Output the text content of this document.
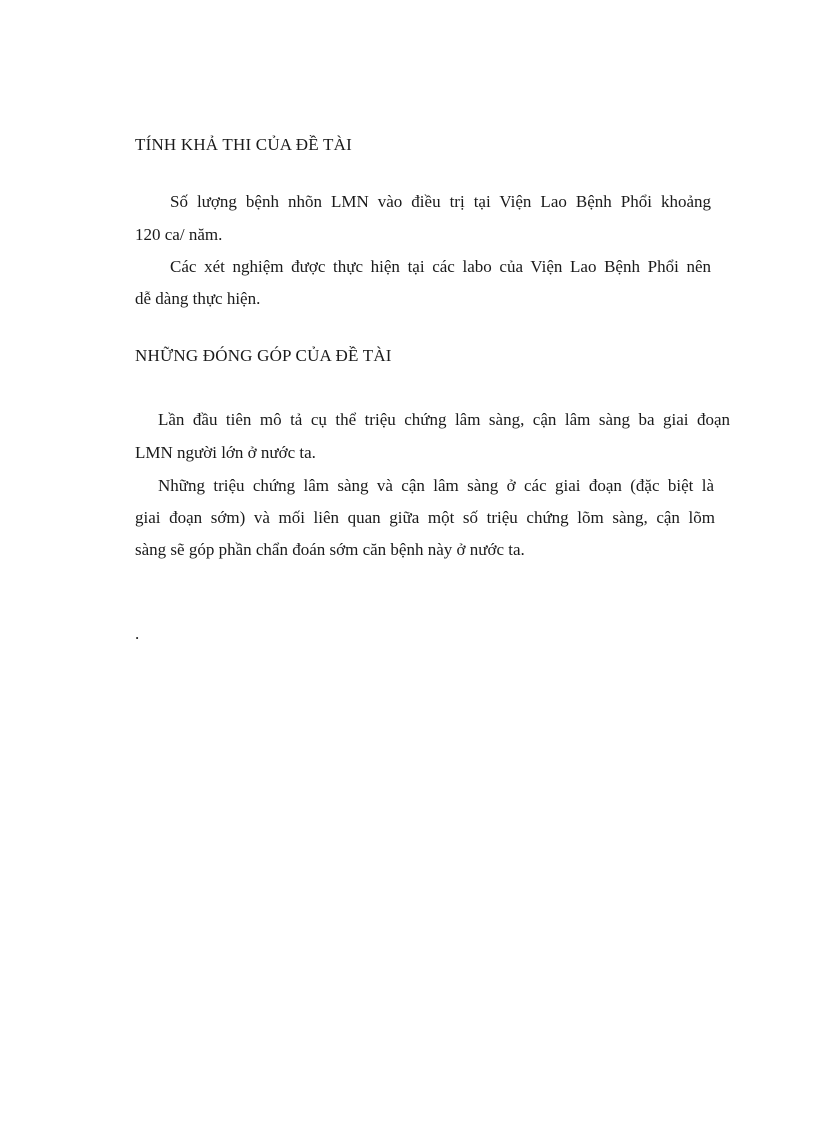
TÍNH KHẢ THI CỦA ĐỀ TÀI
Số lượng bệnh nhõn LMN vào điều trị tại Viện Lao Bệnh Phổi khoảng
120 ca/ năm.
Các xét nghiệm được thực hiện tại các labo của Viện Lao Bệnh Phổi nên
dễ dàng thực hiện.
NHỮNG ĐÓNG GÓP CỦA ĐỀ TÀI
Lần đầu tiên mô tả cụ thể triệu chứng lâm sàng, cận lâm sàng ba giai đoạn
LMN người lớn ở nước ta.
Những triệu chứng lâm sàng và cận lâm sàng ở các giai đoạn (đặc biệt là
giai đoạn sớm) và mối liên quan giữa một số triệu chứng lõm sàng, cận lõm
sàng sẽ góp phần chẩn đoán sớm căn bệnh này ở nước ta.
.
